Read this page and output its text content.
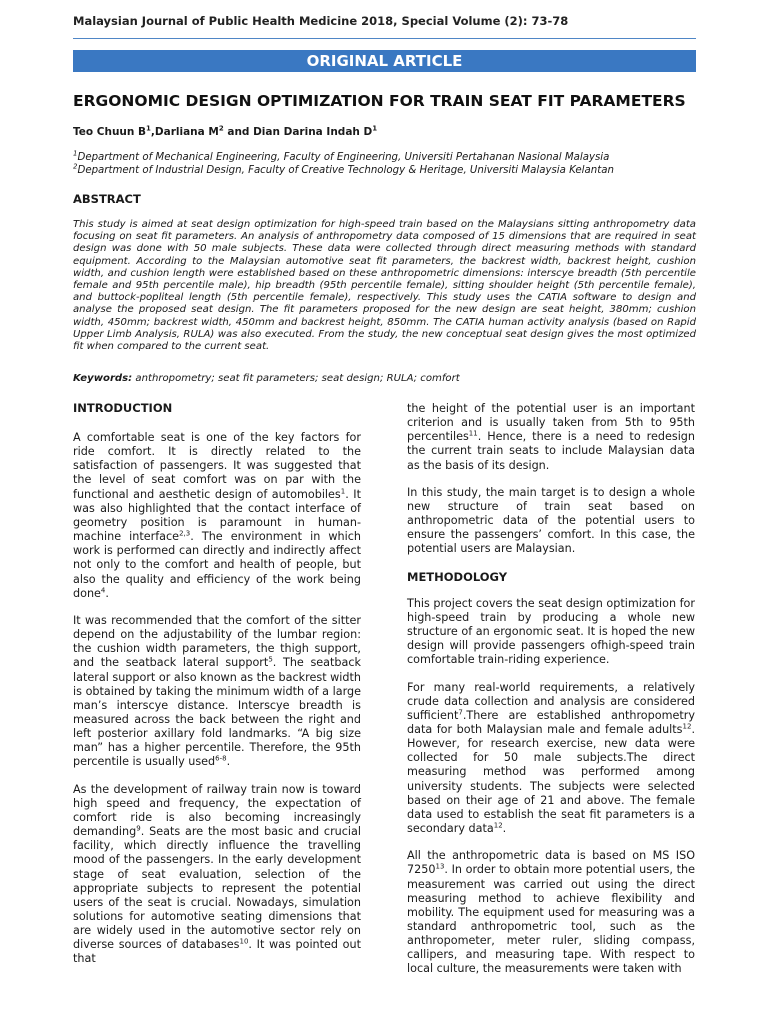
Malaysian Journal of Public Health Medicine 2018, Special Volume (2): 73-78
ORIGINAL ARTICLE
ERGONOMIC DESIGN OPTIMIZATION FOR TRAIN SEAT FIT PARAMETERS
Teo Chuun $B^1,Darliana$ $M^2$ and Dian Darina Indah $D^1$
$^1$Department of Mechanical Engineering, Faculty of Engineering, Universiti Pertahanan Nasional Malaysia
$^2$Department of Industrial Design, Faculty of Creative Technology & Heritage, Universiti Malaysia Kelantan
ABSTRACT
This study is aimed at seat design optimization for high-speed train based on the Malaysians sitting anthropometry data focusing on seat fit parameters. An analysis of anthropometry data composed of 15 dimensions that are required in seat design was done with 50 male subjects. These data were collected through direct measuring methods with standard equipment. According to the Malaysian automotive seat fit parameters, the backrest width, backrest height, cushion width, and cushion length were established based on these anthropometric dimensions: interscye breadth (5th percentile female and 95th percentile male), hip breadth (95th percentile female), sitting shoulder height (5th percentile female), and buttock-popliteal length (5th percentile female), respectively. This study uses the CATIA software to design and analyse the proposed seat design. The fit parameters proposed for the new design are seat height, 380mm; cushion width, 450mm; backrest width, 450mm and backrest height, 850mm. The CATIA human activity analysis (based on Rapid Upper Limb Analysis, RULA) was also executed. From the study, the new conceptual seat design gives the most optimized fit when compared to the current seat.
Keywords: anthropometry; seat fit parameters; seat design; RULA; comfort
INTRODUCTION

A comfortable seat is one of the key factors for ride comfort. It is directly related to the satisfaction of passengers. It was suggested that the level of seat comfort was on par with the functional and aesthetic design of automobiles$^1$. It was also highlighted that the contact interface of geometry position is paramount in human-machine interface$^{2,3}$. The environment in which work is performed can directly and indirectly affect not only to the comfort and health of people, but also the quality and efficiency of the work being done$^4$.

It was recommended that the comfort of the sitter depend on the adjustability of the lumbar region: the cushion width parameters, the thigh support, and the seatback lateral support$^5$. The seatback lateral support or also known as the backrest width is obtained by taking the minimum width of a large man’s interscye distance. Interscye breadth is measured across the back between the right and left posterior axillary fold landmarks. “A big size man” has a higher percentile. Therefore, the 95th percentile is usually used$^{6-8}$.

As the development of railway train now is toward high speed and frequency, the expectation of comfort ride is also becoming increasingly demanding$^9$. Seats are the most basic and crucial facility, which directly influence the travelling mood of the passengers. In the early development stage of seat evaluation, selection of the appropriate subjects to represent the potential users of the seat is crucial. Nowadays, simulation solutions for automotive seating dimensions that are widely used in the automotive sector rely on diverse sources of databases$^{10}$. It was pointed out that

the height of the potential user is an important criterion and is usually taken from 5th to 95th percentiles$^{11}$. Hence, there is a need to redesign the current train seats to include Malaysian data as the basis of its design.

In this study, the main target is to design a whole new structure of train seat based on anthropometric data of the potential users to ensure the passengers’ comfort. In this case, the potential users are Malaysian.

METHODOLOGY

This project covers the seat design optimization for high-speed train by producing a whole new structure of an ergonomic seat. It is hoped the new design will provide passengers ofhigh-speed train comfortable train-riding experience.

For many real-world requirements, a relatively crude data collection and analysis are considered sufficient$^7$.There are established anthropometry data for both Malaysian male and female adults$^{12}$. However, for research exercise, new data were collected for 50 male subjects.The direct measuring method was performed among university students. The subjects were selected based on their age of 21 and above. The female data used to establish the seat fit parameters is a secondary data$^{12}$.

All the anthropometric data is based on MS ISO 7250$^{13}$. In order to obtain more potential users, the measurement was carried out using the direct measuring method to achieve flexibility and mobility. The equipment used for measuring was a standard anthropometric tool, such as the anthropometer, meter ruler, sliding compass, callipers, and measuring tape. With respect to local culture, the measurements were taken with
